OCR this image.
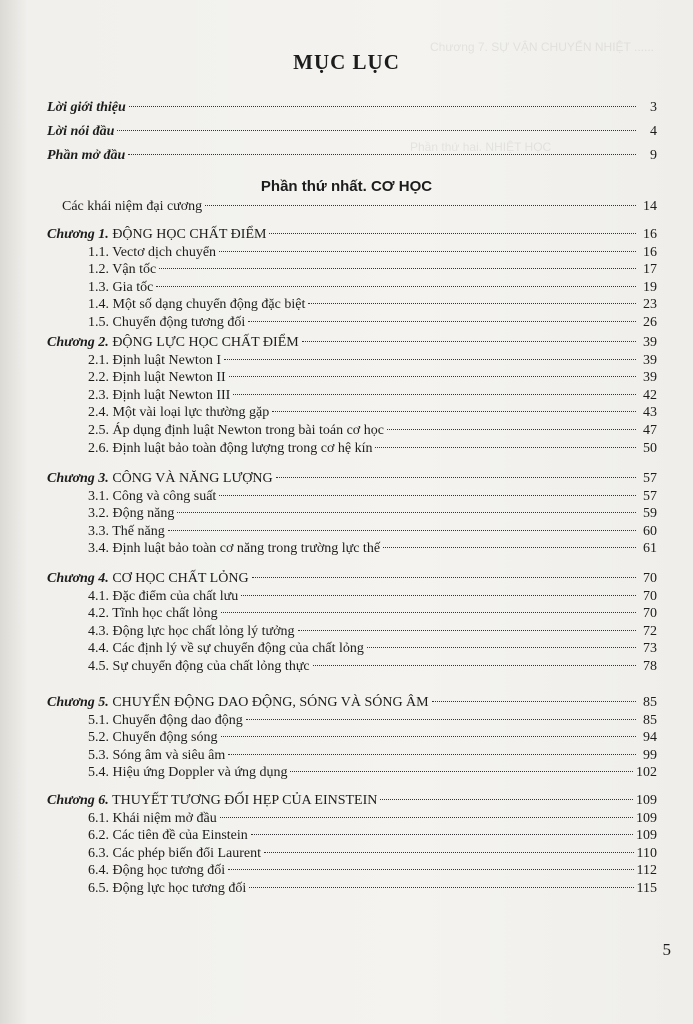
Chương 7. SỰ VẬN CHUYỂN NHIỆT ......
Phần thứ hai. NHIỆT HỌC
MỤC LỤC
Lời giới thiệu	3
Lời nói đầu	4
Phần mở đầu	9
Các khái niệm đại cương	14
Chương 1. ĐỘNG HỌC CHẤT ĐIỂM	16
1.1. Vectơ dịch chuyển	16
1.2. Vận tốc	17
1.3. Gia tốc	19
1.4. Một số dạng chuyển động đặc biệt	23
1.5. Chuyển động tương đối	26
Chương 2. ĐỘNG LỰC HỌC CHẤT ĐIỂM	39
2.1. Định luật Newton I	39
2.2. Định luật Newton II	39
2.3. Định luật Newton III	42
2.4. Một vài loại lực thường gặp	43
2.5. Áp dụng định luật Newton trong bài toán cơ học	47
2.6. Định luật bảo toàn động lượng trong cơ hệ kín	50
Chương 3. CÔNG VÀ NĂNG LƯỢNG	57
3.1. Công và công suất	57
3.2. Động năng	59
3.3. Thế năng	60
3.4. Định luật bảo toàn cơ năng trong trường lực thế	61
Chương 4. CƠ HỌC CHẤT LỎNG	70
4.1. Đặc điểm của chất lưu	70
4.2. Tĩnh học chất lỏng	70
4.3. Động lực học chất lỏng lý tưởng	72
4.4. Các định lý về sự chuyển động của chất lỏng	73
4.5. Sự chuyển động của chất lỏng thực	78
Chương 5. CHUYỂN ĐỘNG DAO ĐỘNG, SÓNG VÀ SÓNG ÂM	85
5.1. Chuyển động dao động	85
5.2. Chuyển động sóng	94
5.3. Sóng âm và siêu âm	99
5.4. Hiệu ứng Doppler và ứng dụng	102
Chương 6. THUYẾT TƯƠNG ĐỐI HẸP CỦA EINSTEIN	109
6.1. Khái niệm mở đầu	109
6.2. Các tiên đề của Einstein	109
6.3. Các phép biến đổi Laurent	110
6.4. Động học tương đối	112
6.5. Động lực học tương đối	115
Phần thứ nhất. CƠ HỌC
5
